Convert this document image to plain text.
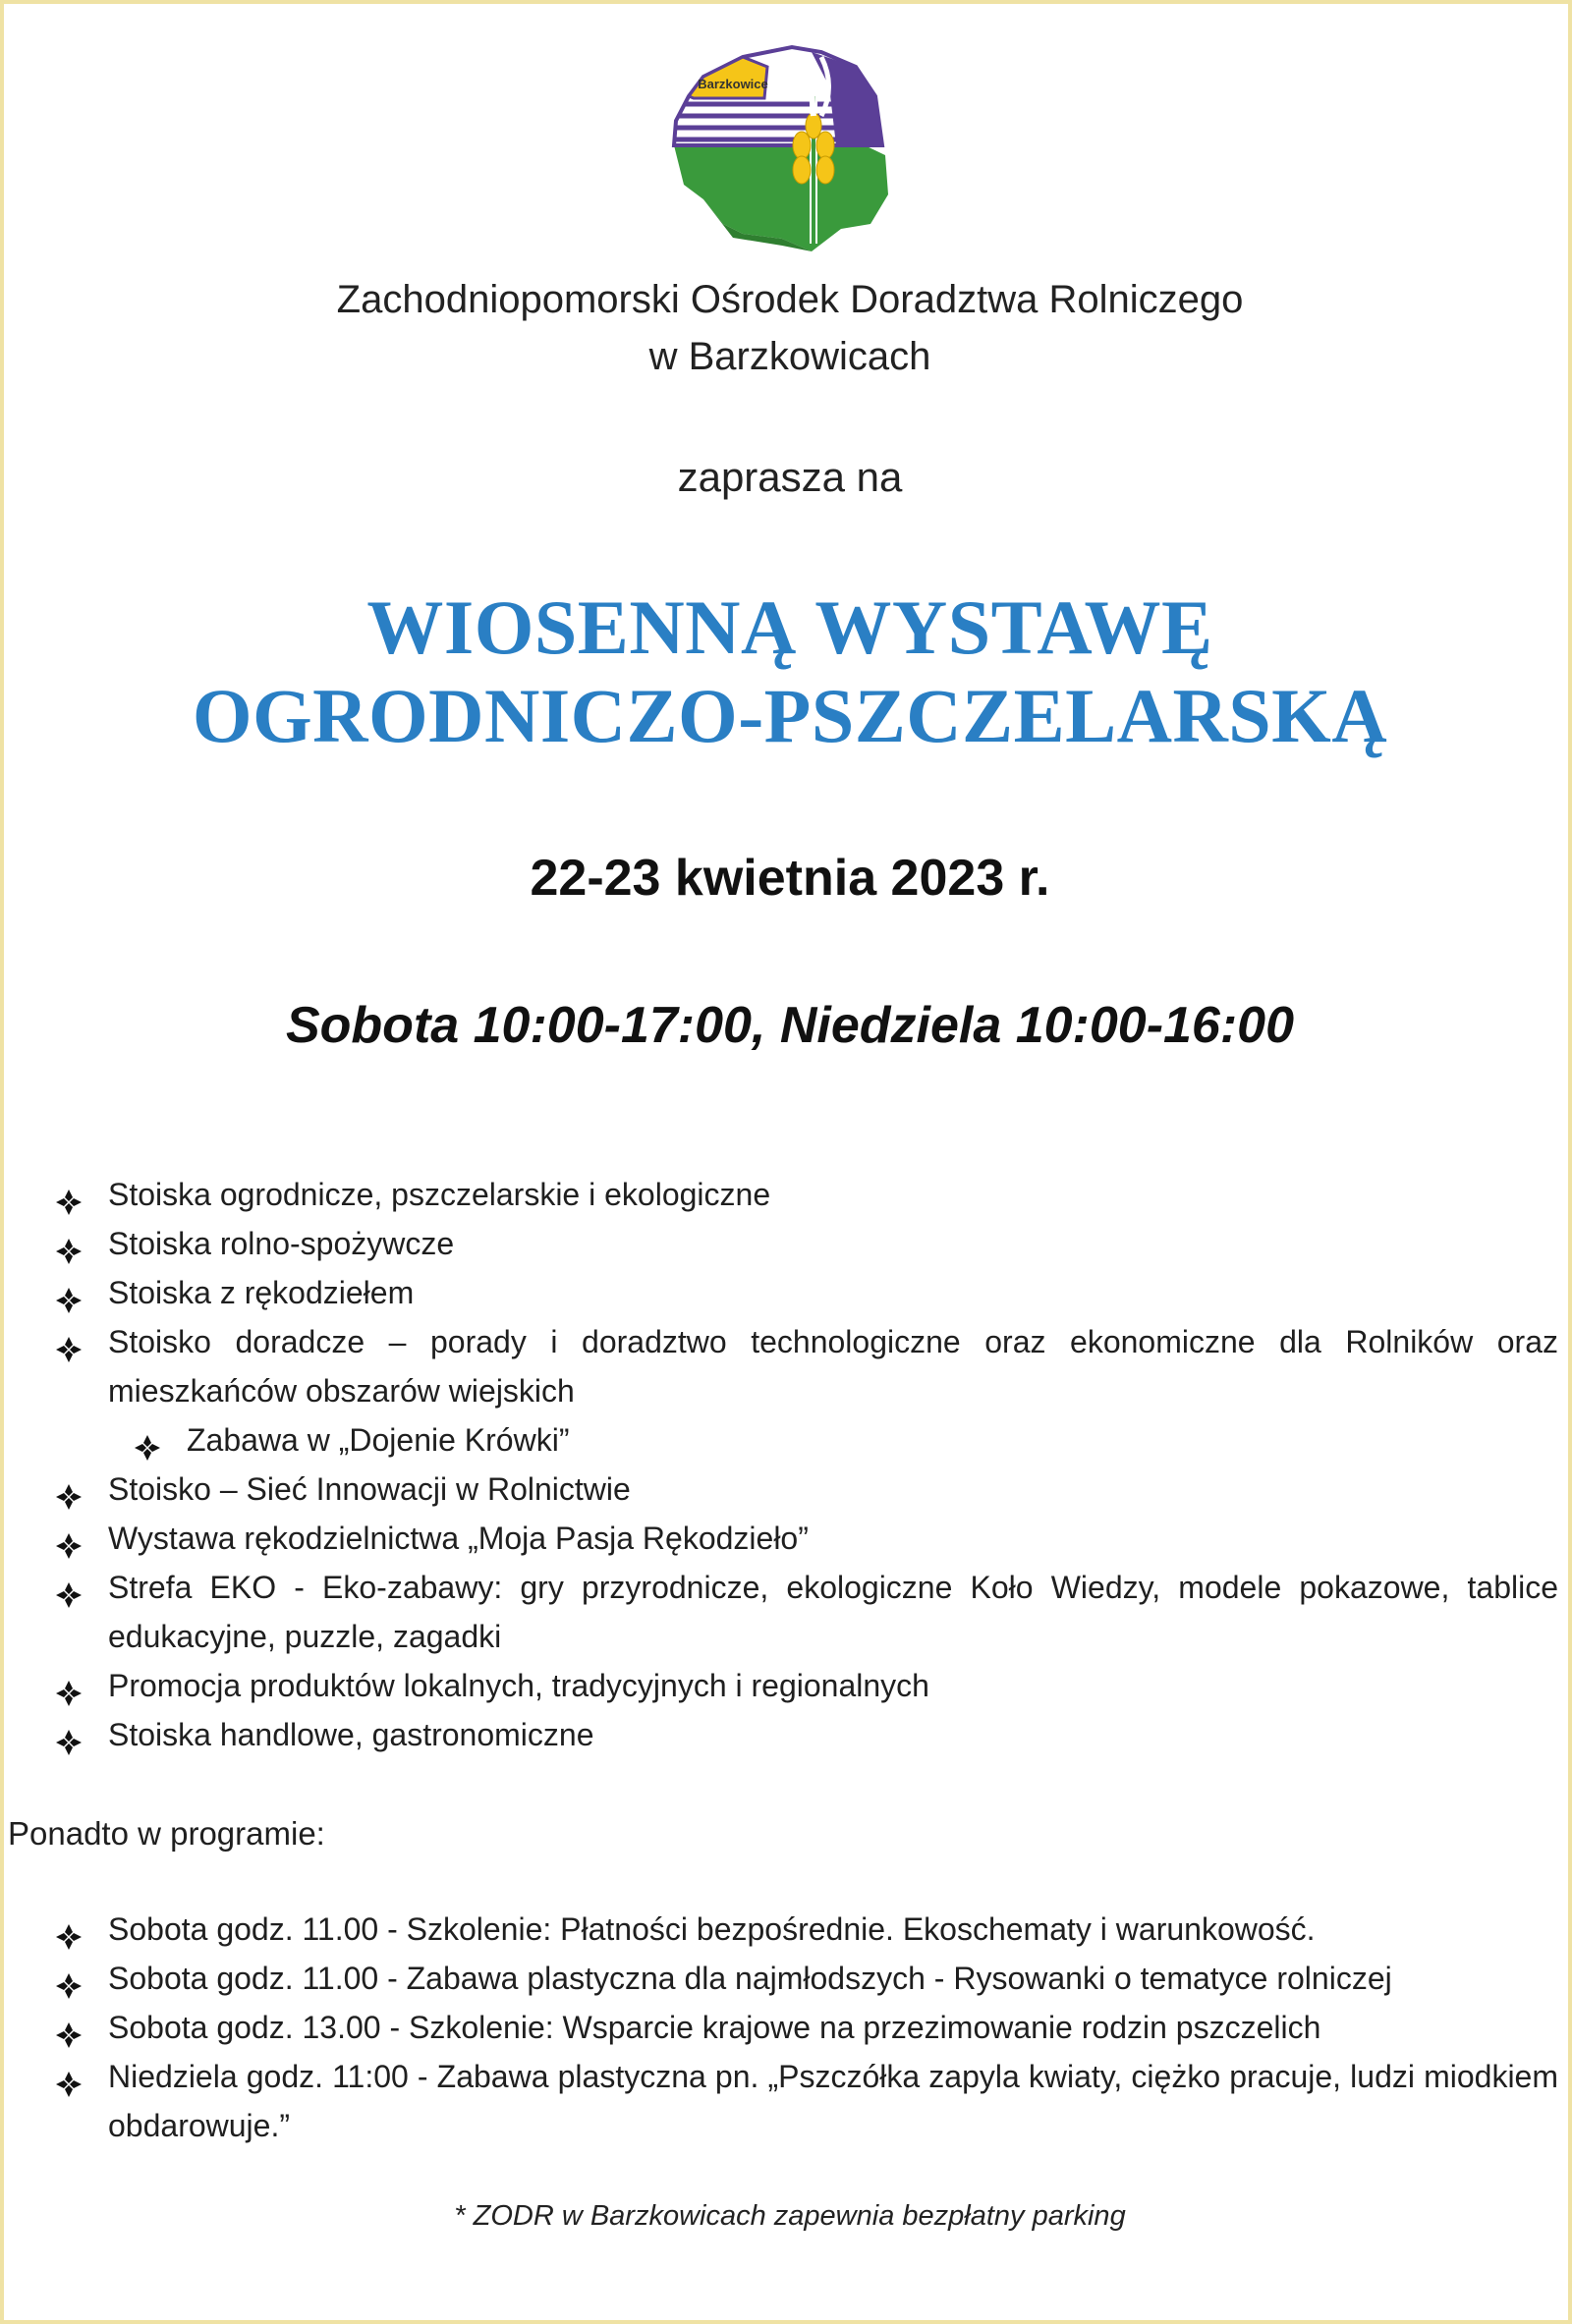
Barzkowice
Zachodniopomorski Ośrodek Doradztwa Rolniczego
w Barzkowicach
zaprasza na
WIOSENNĄ WYSTAWĘ
OGRODNICZO-PSZCZELARSKĄ
22-23 kwietnia 2023 r.
Sobota 10:00-17:00, Niedziela 10:00-16:00
Stoiska ogrodnicze, pszczelarskie i ekologiczne
Stoiska rolno-spożywcze
Stoiska z rękodziełem
Stoisko doradcze – porady i doradztwo technologiczne oraz ekonomiczne dla Rolników oraz mieszkańców obszarów wiejskich
Zabawa w „Dojenie Krówki”
Stoisko – Sieć Innowacji w Rolnictwie
Wystawa rękodzielnictwa „Moja Pasja Rękodzieło”
Strefa EKO - Eko-zabawy: gry przyrodnicze, ekologiczne Koło Wiedzy, modele pokazowe, tablice edukacyjne, puzzle, zagadki
Promocja produktów lokalnych, tradycyjnych i regionalnych
Stoiska handlowe, gastronomiczne
Ponadto w programie:
Sobota godz. 11.00 - Szkolenie: Płatności bezpośrednie. Ekoschematy i warunkowość.
Sobota godz. 11.00 - Zabawa plastyczna dla najmłodszych - Rysowanki o tematyce rolniczej
Sobota godz. 13.00 - Szkolenie: Wsparcie krajowe na przezimowanie rodzin pszczelich
Niedziela godz. 11:00 - Zabawa plastyczna pn. „Pszczółka zapyla kwiaty, ciężko pracuje, ludzi miodkiem obdarowuje.”
* ZODR w Barzkowicach zapewnia bezpłatny parking
